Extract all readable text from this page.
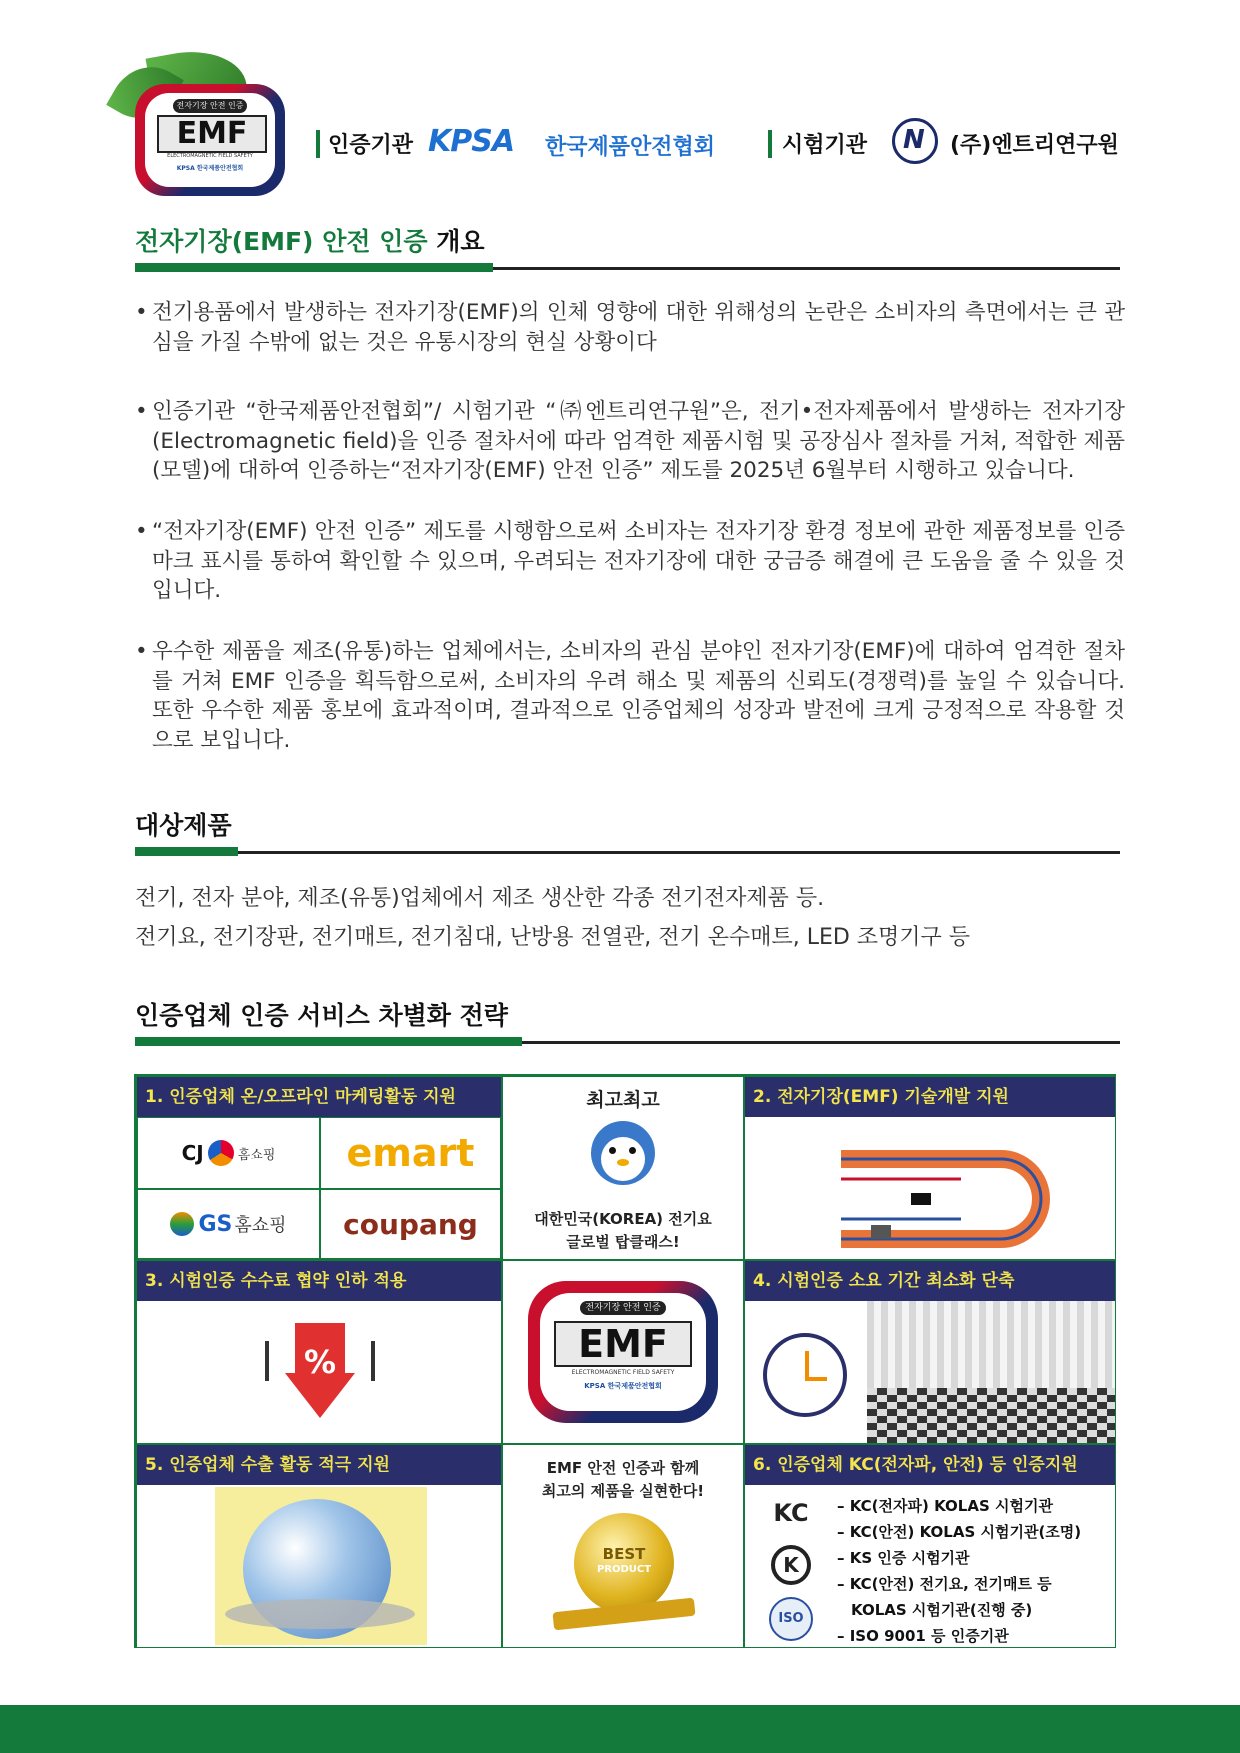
전자기장 안전 인증
EMF
ELECTROMAGNETIC FIELD SAFETY
KPSA 한국제품안전협회
인증기관 KPSA 한국제품안전협회	시험기관 N (주)엔트리연구원
전자기장(EMF) 안전 인증 개요
• 전기용품에서 발생하는 전자기장(EMF)의 인체 영향에 대한 위해성의 논란은 소비자의 측면에서는 큰 관심을 가질 수밖에 없는 것은 유통시장의 현실 상황이다
• 인증기관 “한국제품안전협회”/ 시험기관 “㈜엔트리연구원”은, 전기•전자제품에서 발생하는 전자기장(Electromagnetic field)을 인증 절차서에 따라 엄격한 제품시험 및 공장심사 절차를 거쳐, 적합한 제품(모델)에 대하여 인증하는“전자기장(EMF) 안전 인증” 제도를 2025년 6월부터 시행하고 있습니다.
• “전자기장(EMF) 안전 인증” 제도를 시행함으로써 소비자는 전자기장 환경 정보에 관한 제품정보를 인증 마크 표시를 통하여 확인할 수 있으며, 우려되는 전자기장에 대한 궁금증 해결에 큰 도움을 줄 수 있을 것입니다.
• 우수한 제품을 제조(유통)하는 업체에서는, 소비자의 관심 분야인 전자기장(EMF)에 대하여 엄격한 절차를 거쳐 EMF 인증을 획득함으로써, 소비자의 우려 해소 및 제품의 신뢰도(경쟁력)를 높일 수 있습니다. 또한 우수한 제품 홍보에 효과적이며, 결과적으로 인증업체의 성장과 발전에 크게 긍정적으로 작용할 것으로 보입니다.
대상제품
전기, 전자 분야, 제조(유통)업체에서 제조 생산한 각종 전기전자제품 등.
전기요, 전기장판, 전기매트, 전기침대, 난방용 전열관, 전기 온수매트, LED 조명기구 등
인증업체 인증 서비스 차별화 전략
1. 인증업체 온/오프라인 마케팅활동 지원
CJ	홈쇼핑 emart
GS 홈쇼핑 coupang
최고최고
대한민국(KOREA) 전기요
글로벌 탑클래스!
2. 전자기장(EMF) 기술개발 지원
3. 시험인증 수수료 협약 인하 적용
%
전자기장 안전 인증
EMF
ELECTROMAGNETIC FIELD SAFETY
KPSA 한국제품안전협회
4. 시험인증 소요 기간 최소화 단축
5. 인증업체 수출 활동 적극 지원	EMF 안전 인증과 함께
최고의 제품을 실현한다!
BEST
PRODUCT
6. 인증업체 KC(전자파, 안전) 등 인증지원
KC
K
ISO
– KC(전자파) KOLAS 시험기관
– KC(안전) KOLAS 시험기관(조명)
– KS 인증 시험기관
– KC(안전) 전기요, 전기매트 등
KOLAS 시험기관(진행 중)
– ISO 9001 등 인증기관
